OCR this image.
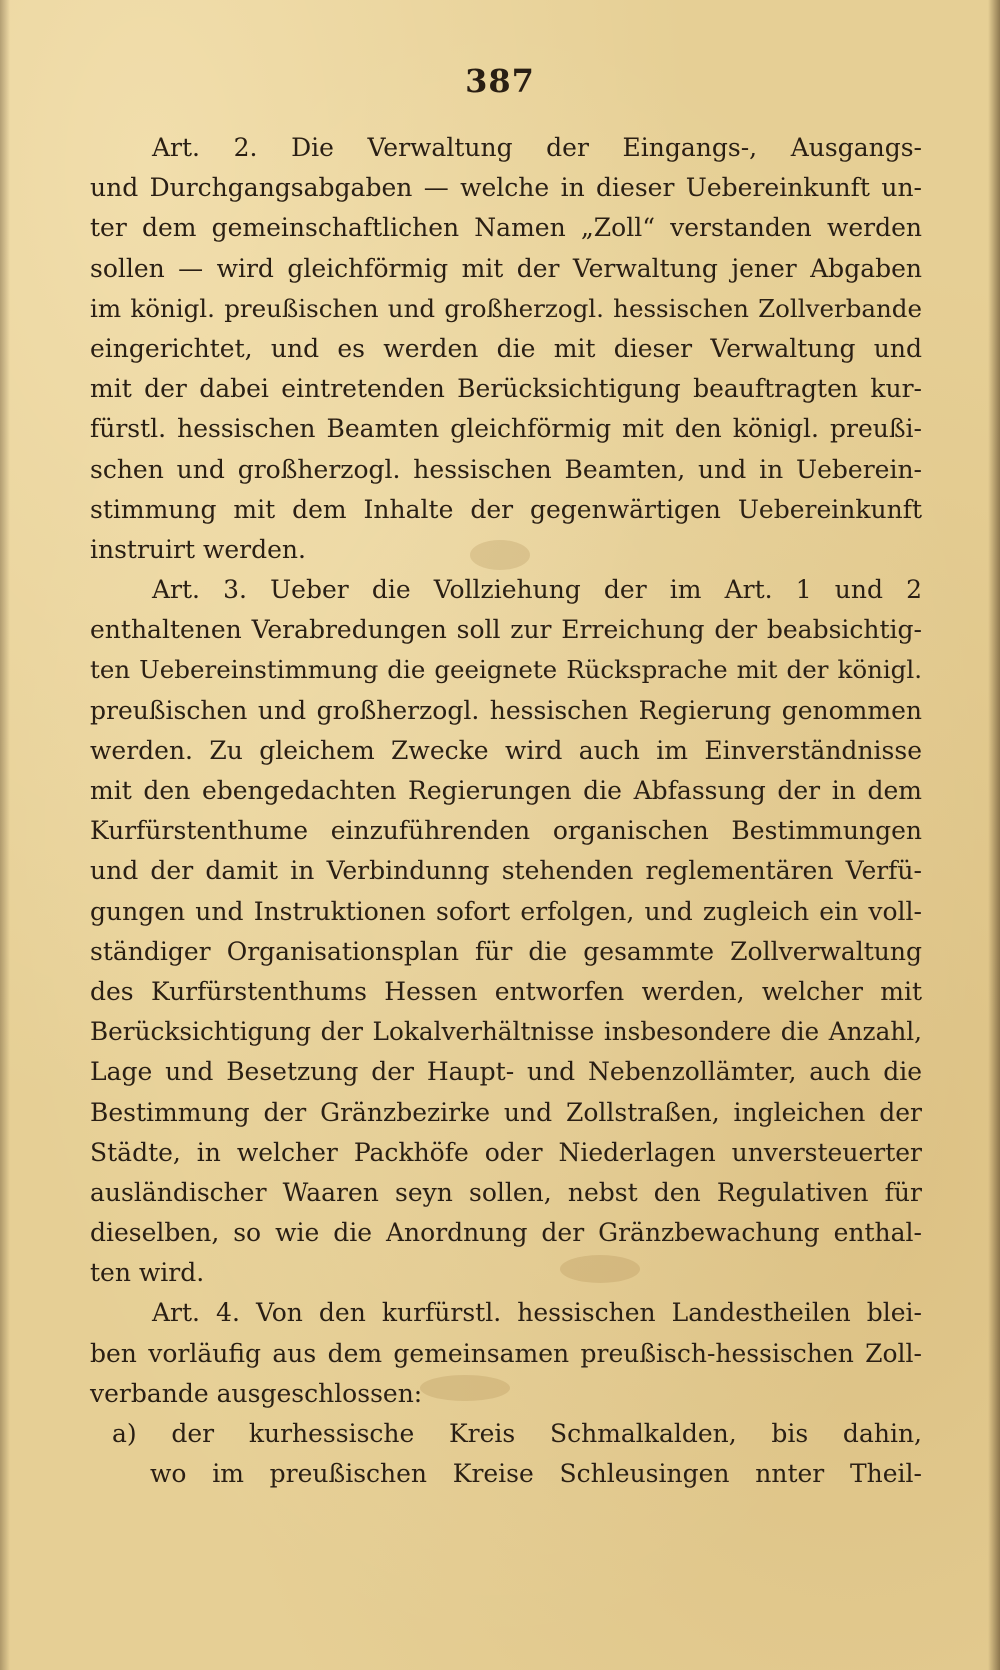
387
Art. 2. Die Verwaltung der Eingangs-, Ausgangs-
und Durchgangsabgaben — welche in dieser Uebereinkunft un-
ter dem gemeinschaftlichen Namen „Zoll“ verstanden werden
sollen — wird gleichförmig mit der Verwaltung jener Abgaben
im königl. preußischen und großherzogl. hessischen Zollverbande
eingerichtet, und es werden die mit dieser Verwaltung und
mit der dabei eintretenden Berücksichtigung beauftragten kur-
fürstl. hessischen Beamten gleichförmig mit den königl. preußi-
schen und großherzogl. hessischen Beamten, und in Ueberein-
stimmung mit dem Inhalte der gegenwärtigen Uebereinkunft
instruirt werden.
Art. 3. Ueber die Vollziehung der im Art. 1 und 2
enthaltenen Verabredungen soll zur Erreichung der beabsichtig-
ten Uebereinstimmung die geeignete Rücksprache mit der königl.
preußischen und großherzogl. hessischen Regierung genommen
werden. Zu gleichem Zwecke wird auch im Einverständnisse
mit den ebengedachten Regierungen die Abfassung der in dem
Kurfürstenthume einzuführenden organischen Bestimmungen
und der damit in Verbindunng stehenden reglementären Verfü-
gungen und Instruktionen sofort erfolgen, und zugleich ein voll-
ständiger Organisationsplan für die gesammte Zollverwaltung
des Kurfürstenthums Hessen entworfen werden, welcher mit
Berücksichtigung der Lokalverhältnisse insbesondere die Anzahl,
Lage und Besetzung der Haupt- und Nebenzollämter, auch die
Bestimmung der Gränzbezirke und Zollstraßen, ingleichen der
Städte, in welcher Packhöfe oder Niederlagen unversteuerter
ausländischer Waaren seyn sollen, nebst den Regulativen für
dieselben, so wie die Anordnung der Gränzbewachung enthal-
ten wird.
Art. 4. Von den kurfürstl. hessischen Landestheilen blei-
ben vorläufig aus dem gemeinsamen preußisch-hessischen Zoll-
verbande ausgeschlossen:
a) der kurhessische Kreis Schmalkalden, bis dahin,
wo im preußischen Kreise Schleusingen nnter Theil-
